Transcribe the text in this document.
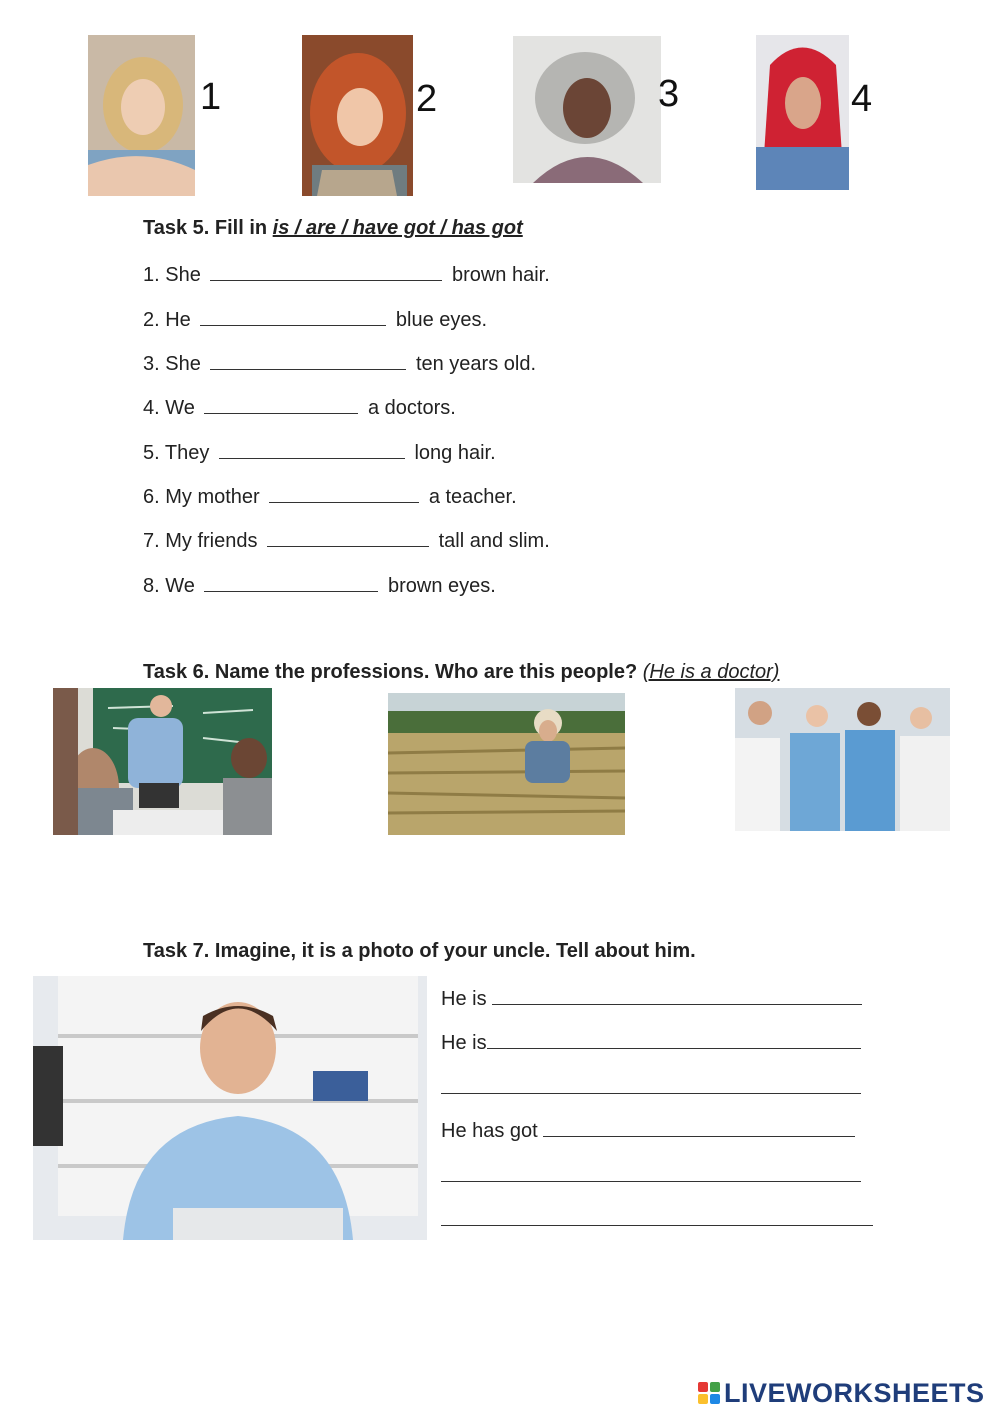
1	2	3	4
Task 5. Fill in is / are / have got / has got
1. She	brown hair.
2. He	blue eyes.
3. She	ten years old.
4. We	a doctors.
5. They	long hair.
6. My mother	a teacher.
7. My friends	tall and slim.
8. We	brown eyes.
Task 6. Name the professions. Who are this people? (He is a doctor)
Task 7. Imagine, it is a photo of your uncle. Tell about him.
He is
He is
He has got
LIVEWORKSHEETS
